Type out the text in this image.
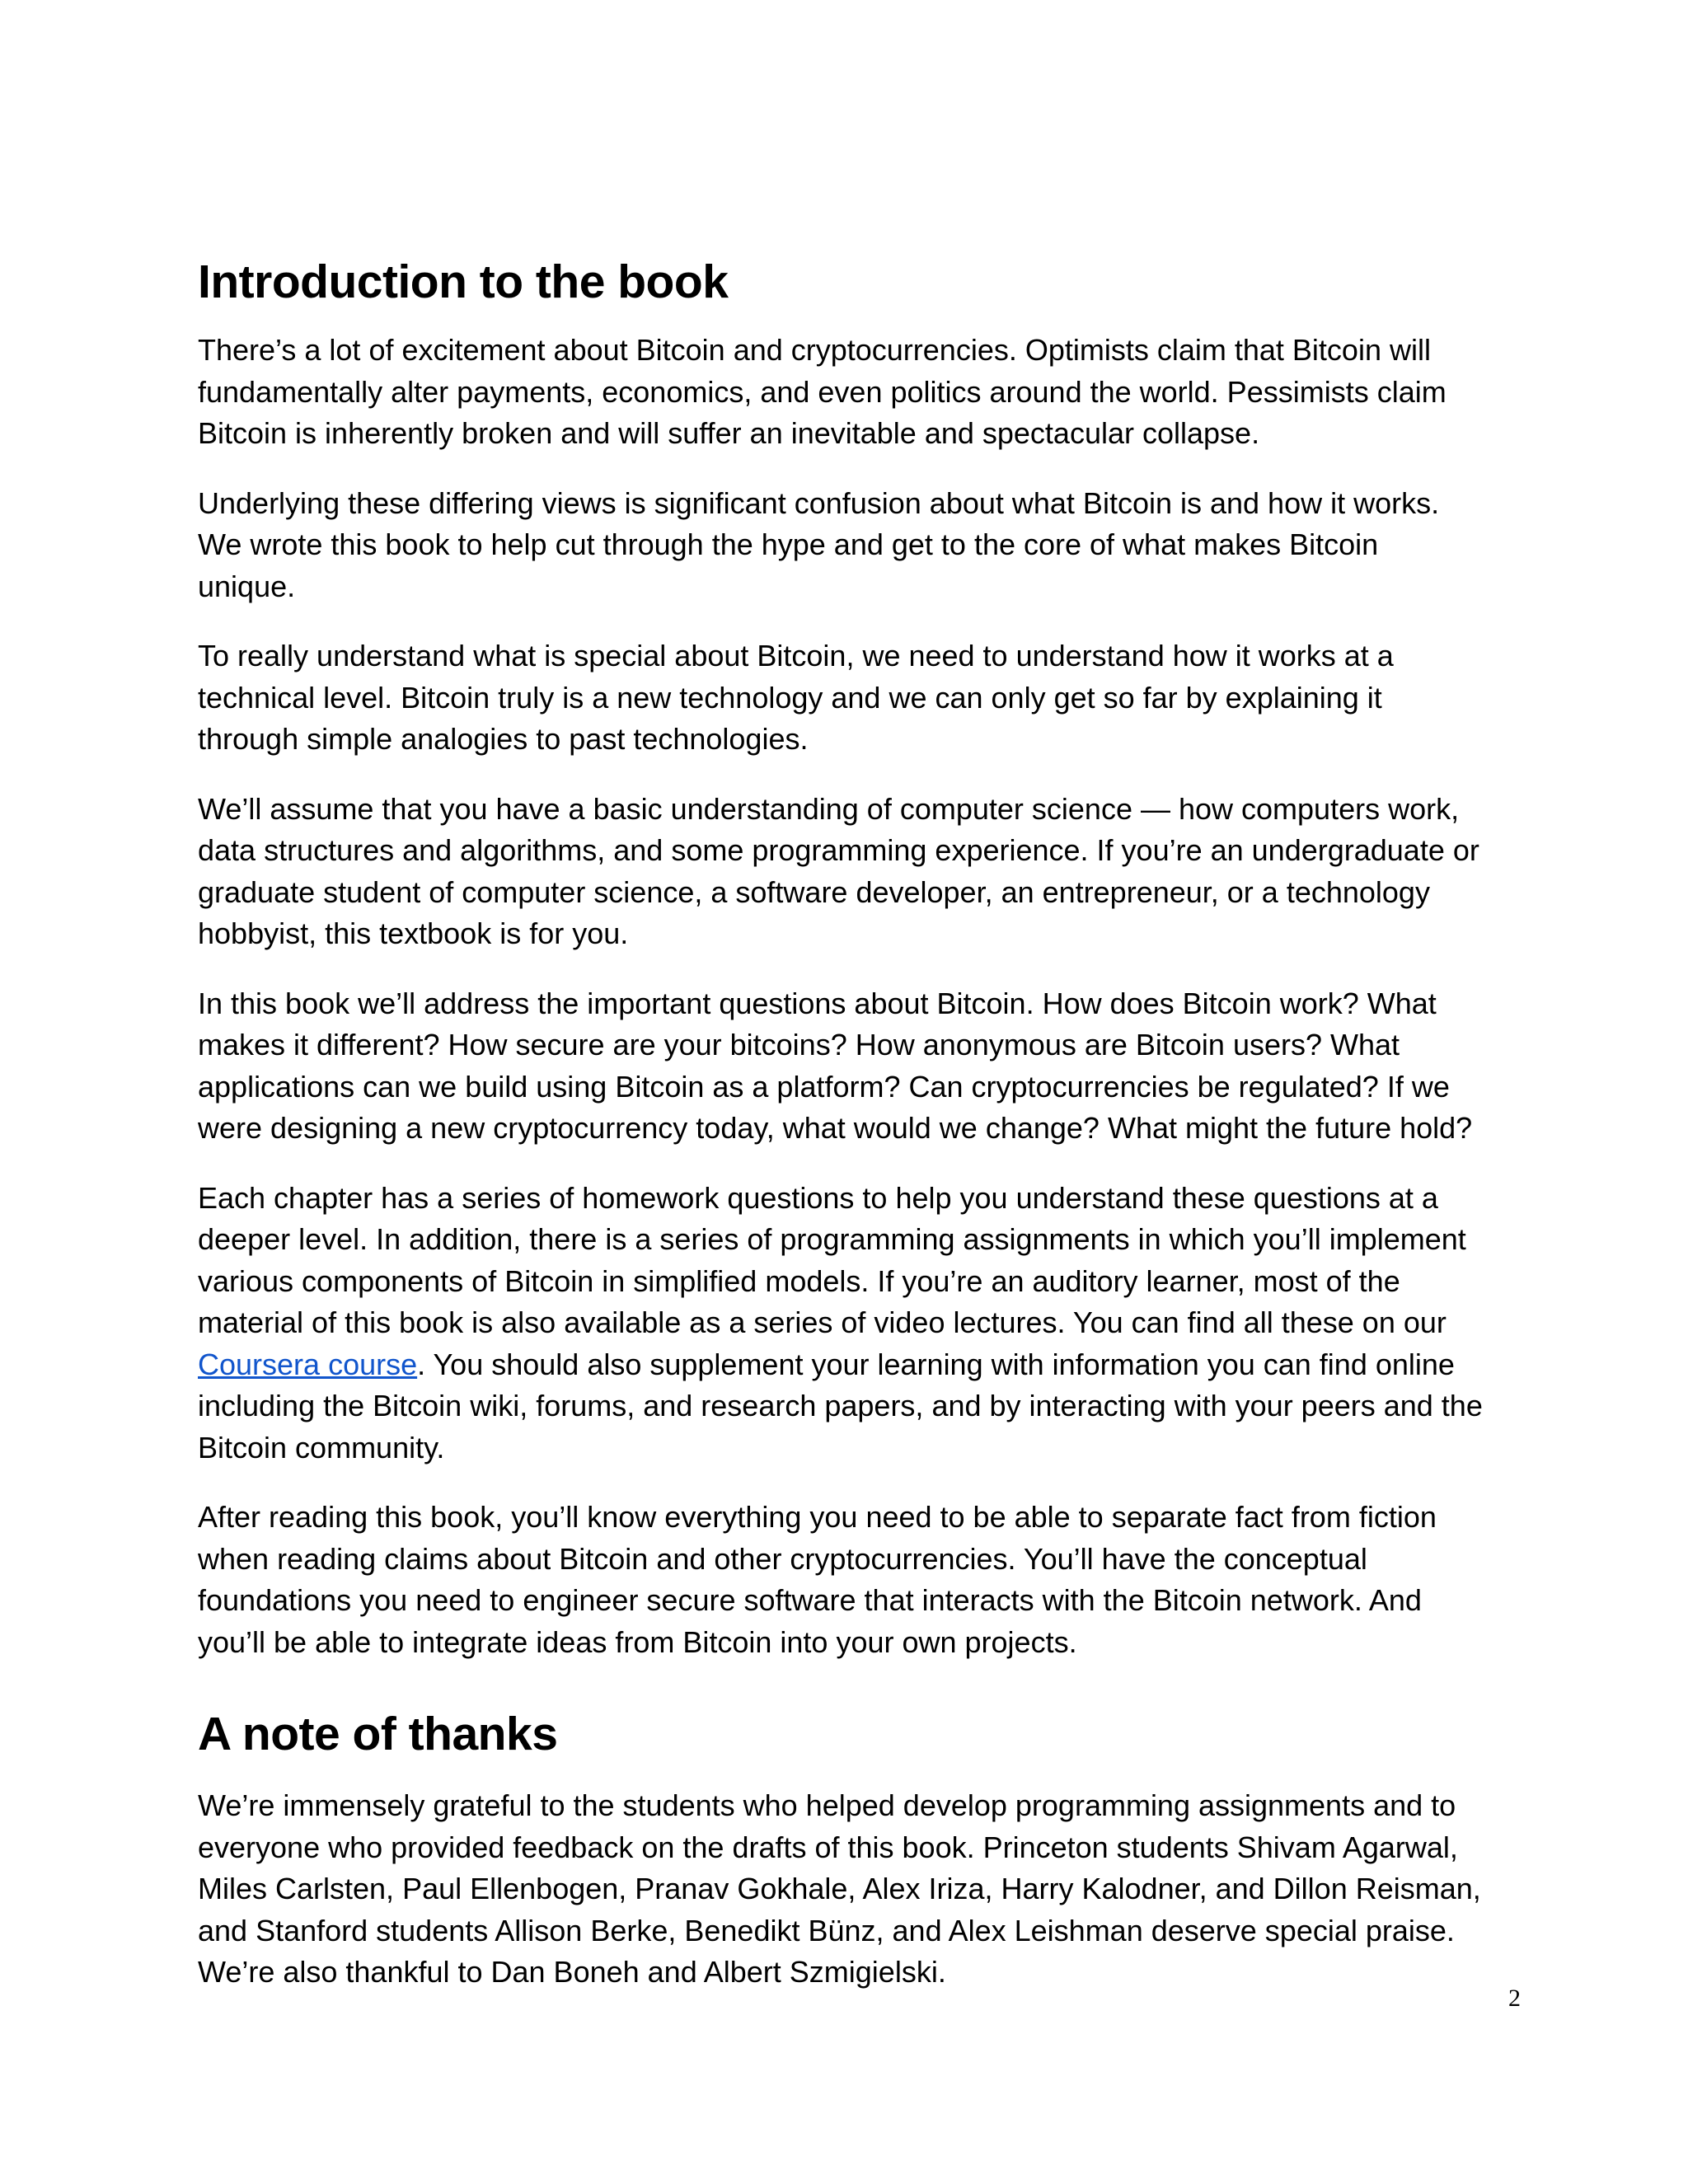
Introduction to the book

There’s a lot of excitement about Bitcoin and cryptocurrencies. Optimists claim that Bitcoin will fundamentally alter payments, economics, and even politics around the world. Pessimists claim Bitcoin is inherently broken and will suffer an inevitable and spectacular collapse.

Underlying these differing views is significant confusion about what Bitcoin is and how it works. We wrote this book to help cut through the hype and get to the core of what makes Bitcoin unique.

To really understand what is special about Bitcoin, we need to understand how it works at a technical level. Bitcoin truly is a new technology and we can only get so far by explaining it through simple analogies to past technologies.

We’ll assume that you have a basic understanding of computer science — how computers work, data structures and algorithms, and some programming experience. If you’re an undergraduate or graduate student of computer science, a software developer, an entrepreneur, or a technology hobbyist, this textbook is for you.

In this book we’ll address the important questions about Bitcoin. How does Bitcoin work? What makes it different? How secure are your bitcoins? How anonymous are Bitcoin users? What applications can we build using Bitcoin as a platform? Can cryptocurrencies be regulated? If we were designing a new cryptocurrency today, what would we change? What might the future hold?

Each chapter has a series of homework questions to help you understand these questions at a deeper level. In addition, there is a series of programming assignments in which you’ll implement various components of Bitcoin in simplified models. If you’re an auditory learner, most of the material of this book is also available as a series of video lectures. You can find all these on our Coursera course. You should also supplement your learning with information you can find online including the Bitcoin wiki, forums, and research papers, and by interacting with your peers and the Bitcoin community.

After reading this book, you’ll know everything you need to be able to separate fact from fiction when reading claims about Bitcoin and other cryptocurrencies. You’ll have the conceptual foundations you need to engineer secure software that interacts with the Bitcoin network. And you’ll be able to integrate ideas from Bitcoin into your own projects.

A note of thanks

We’re immensely grateful to the students who helped develop programming assignments and to everyone who provided feedback on the drafts of this book. Princeton students Shivam Agarwal, Miles Carlsten, Paul Ellenbogen, Pranav Gokhale, Alex Iriza, Harry Kalodner, and Dillon Reisman, and Stanford students Allison Berke, Benedikt Bünz, and Alex Leishman deserve special praise. We’re also thankful to Dan Boneh and Albert Szmigielski.

2
